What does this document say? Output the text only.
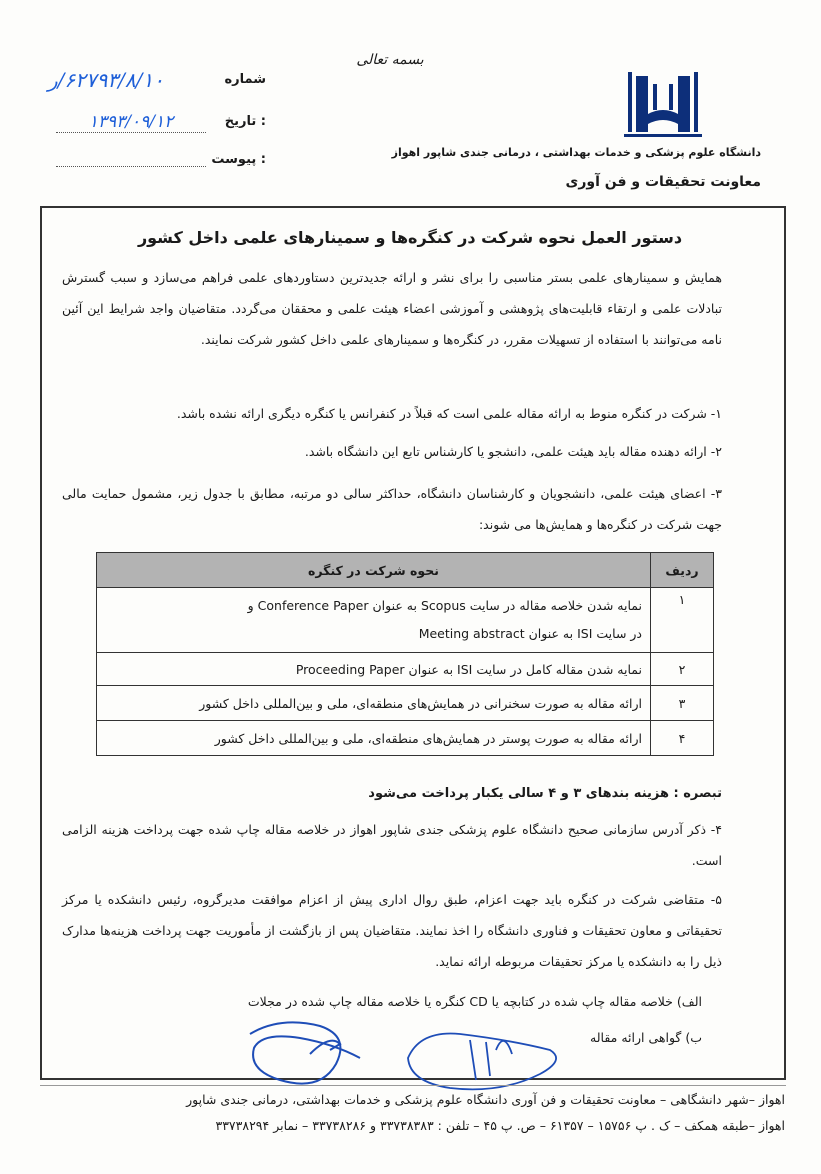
بسمه تعالی
شماره
۶۲۷۹۳/۸/۱۰/ر
تاریخ :
۱۳۹۳/۰۹/۱۲
پیوست :	دانشگاه علوم پزشکی و خدمات بهداشتی ، درمانی جندی شاپور اهواز
معاونت تحقیقات و فن آوری
دستور العمل نحوه شرکت در کنگره‌ها و سمینارهای علمی داخل کشور
همایش و سمینارهای علمی بستر مناسبی را برای نشر و ارائه جدیدترین دستاوردهای علمی فراهم می‌سازد و سبب گسترش تبادلات علمی و ارتقاء قابلیت‌های پژوهشی و آموزشی اعضاء هیئت علمی و محققان می‌گردد. متقاضیان واجد شرایط این آئین نامه می‌توانند با استفاده از تسهیلات مقرر، در کنگره‌ها و سمینارهای علمی داخل کشور شرکت نمایند.
۱- شرکت در کنگره منوط به ارائه مقاله علمی است که قبلاً در کنفرانس یا کنگره دیگری ارائه نشده باشد.
۲- ارائه دهنده مقاله باید هیئت علمی، دانشجو یا کارشناس تابع این دانشگاه باشد.
۳- اعضای هیئت علمی، دانشجویان و کارشناسان دانشگاه، حداکثر سالی دو مرتبه، مطابق با جدول زیر، مشمول حمایت مالی جهت شرکت در کنگره‌ها و همایش‌ها می شوند:
ردیف	نحوه شرکت در کنگره
۱	نمایه شدن خلاصه مقاله در سایت Scopus به عنوان Conference Paper و
در سایت ISI به عنوان Meeting abstract

۲	نمایه شدن مقاله کامل در سایت ISI به عنوان Proceeding Paper
۳	ارائه مقاله به صورت سخنرانی در همایش‌های منطقه‌ای، ملی و بین‌المللی داخل کشور
۴	ارائه مقاله به صورت پوستر در همایش‌های منطقه‌ای، ملی و بین‌المللی داخل کشور
تبصره : هزینه بندهای ۳ و ۴ سالی یکبار پرداخت می‌شود
۴- ذکر آدرس سازمانی صحیح دانشگاه علوم پزشکی جندی شاپور اهواز در خلاصه مقاله چاپ شده جهت پرداخت هزینه الزامی است.
۵- متقاضی شرکت در کنگره باید جهت اعزام، طبق روال اداری پیش از اعزام موافقت مدیرگروه، رئیس دانشکده یا مرکز تحقیقاتی و معاون تحقیقات و فناوری دانشگاه را اخذ نمایند. متقاضیان پس از بازگشت از مأموریت جهت پرداخت هزینه‌ها مدارک ذیل را به دانشکده یا مرکز تحقیقات مربوطه ارائه نماید.
الف) خلاصه مقاله چاپ شده در کتابچه یا CD کنگره یا خلاصه مقاله چاپ شده در مجلات
ب) گواهی ارائه مقاله
اهواز –شهر دانشگاهی – معاونت تحقیقات و فن آوری دانشگاه علوم پزشکی و خدمات بهداشتی، درمانی جندی شاپور
اهواز –طبقه همکف – ک . پ ۱۵۷۵۶ – ۶۱۳۵۷ – ص. پ ۴۵ – تلفن : ۳۳۷۳۸۳۸۳ و ۳۳۷۳۸۲۸۶ – نمابر ۳۳۷۳۸۲۹۴
